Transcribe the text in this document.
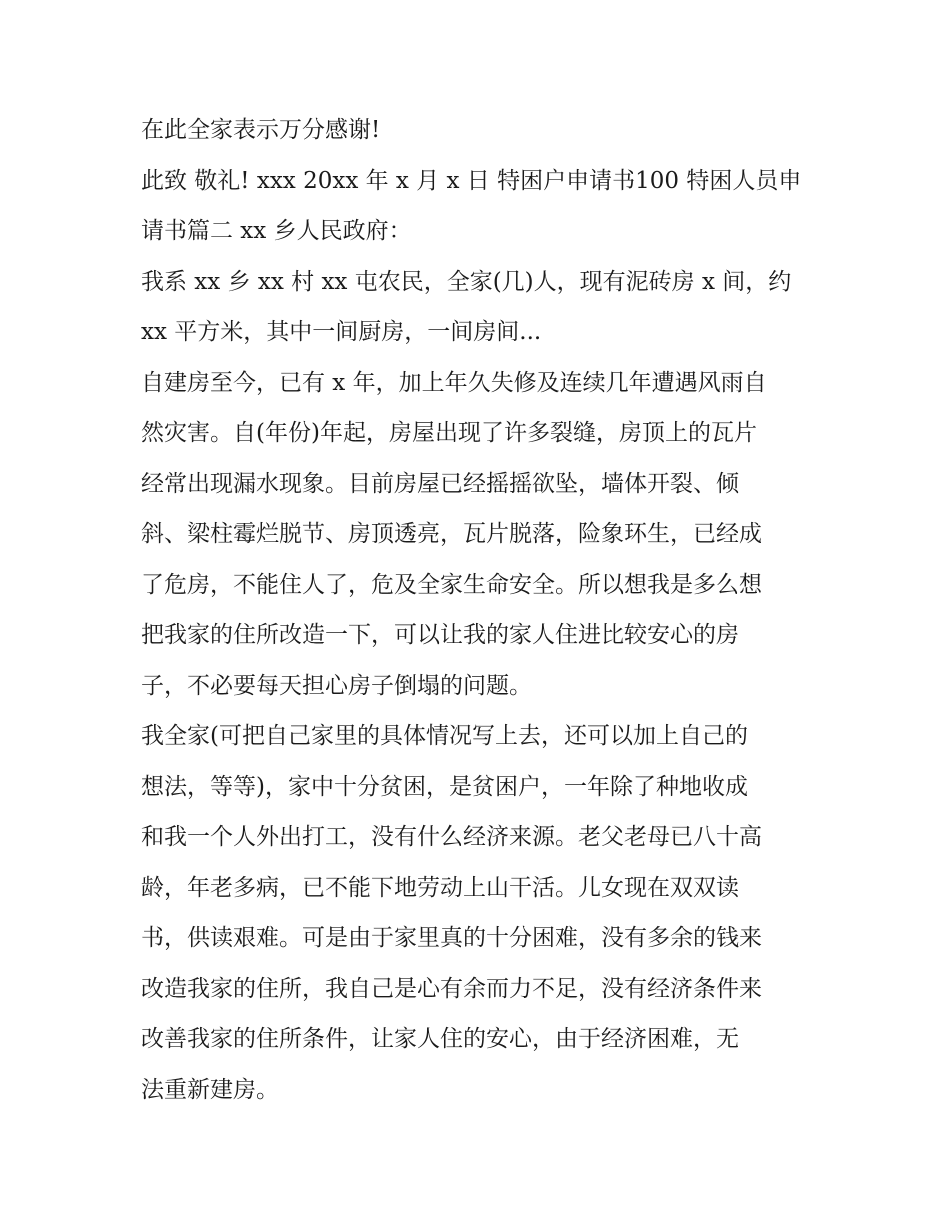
在此全家表示万分感谢!
此致 敬礼! xxx 20xx 年 x 月 x 日 特困户申请书100 特困人员申
请书篇二 xx 乡人民政府：
我系 xx 乡 xx 村 xx 屯农民，全家(几)人，现有泥砖房 x 间，约
xx 平方米，其中一间厨房，一间房间...
自建房至今，已有 x 年，加上年久失修及连续几年遭遇风雨自
然灾害。自(年份)年起，房屋出现了许多裂缝，房顶上的瓦片
经常出现漏水现象。目前房屋已经摇摇欲坠，墙体开裂、倾
斜、梁柱霉烂脱节、房顶透亮，瓦片脱落，险象环生，已经成
了危房，不能住人了，危及全家生命安全。所以想我是多么想
把我家的住所改造一下，可以让我的家人住进比较安心的房
子，不必要每天担心房子倒塌的问题。
我全家(可把自己家里的具体情况写上去，还可以加上自己的
想法，等等)，家中十分贫困，是贫困户，一年除了种地收成
和我一个人外出打工，没有什么经济来源。老父老母已八十高
龄，年老多病，已不能下地劳动上山干活。儿女现在双双读
书，供读艰难。可是由于家里真的十分困难，没有多余的钱来
改造我家的住所，我自己是心有余而力不足，没有经济条件来
改善我家的住所条件，让家人住的安心，由于经济困难，无
法重新建房。
